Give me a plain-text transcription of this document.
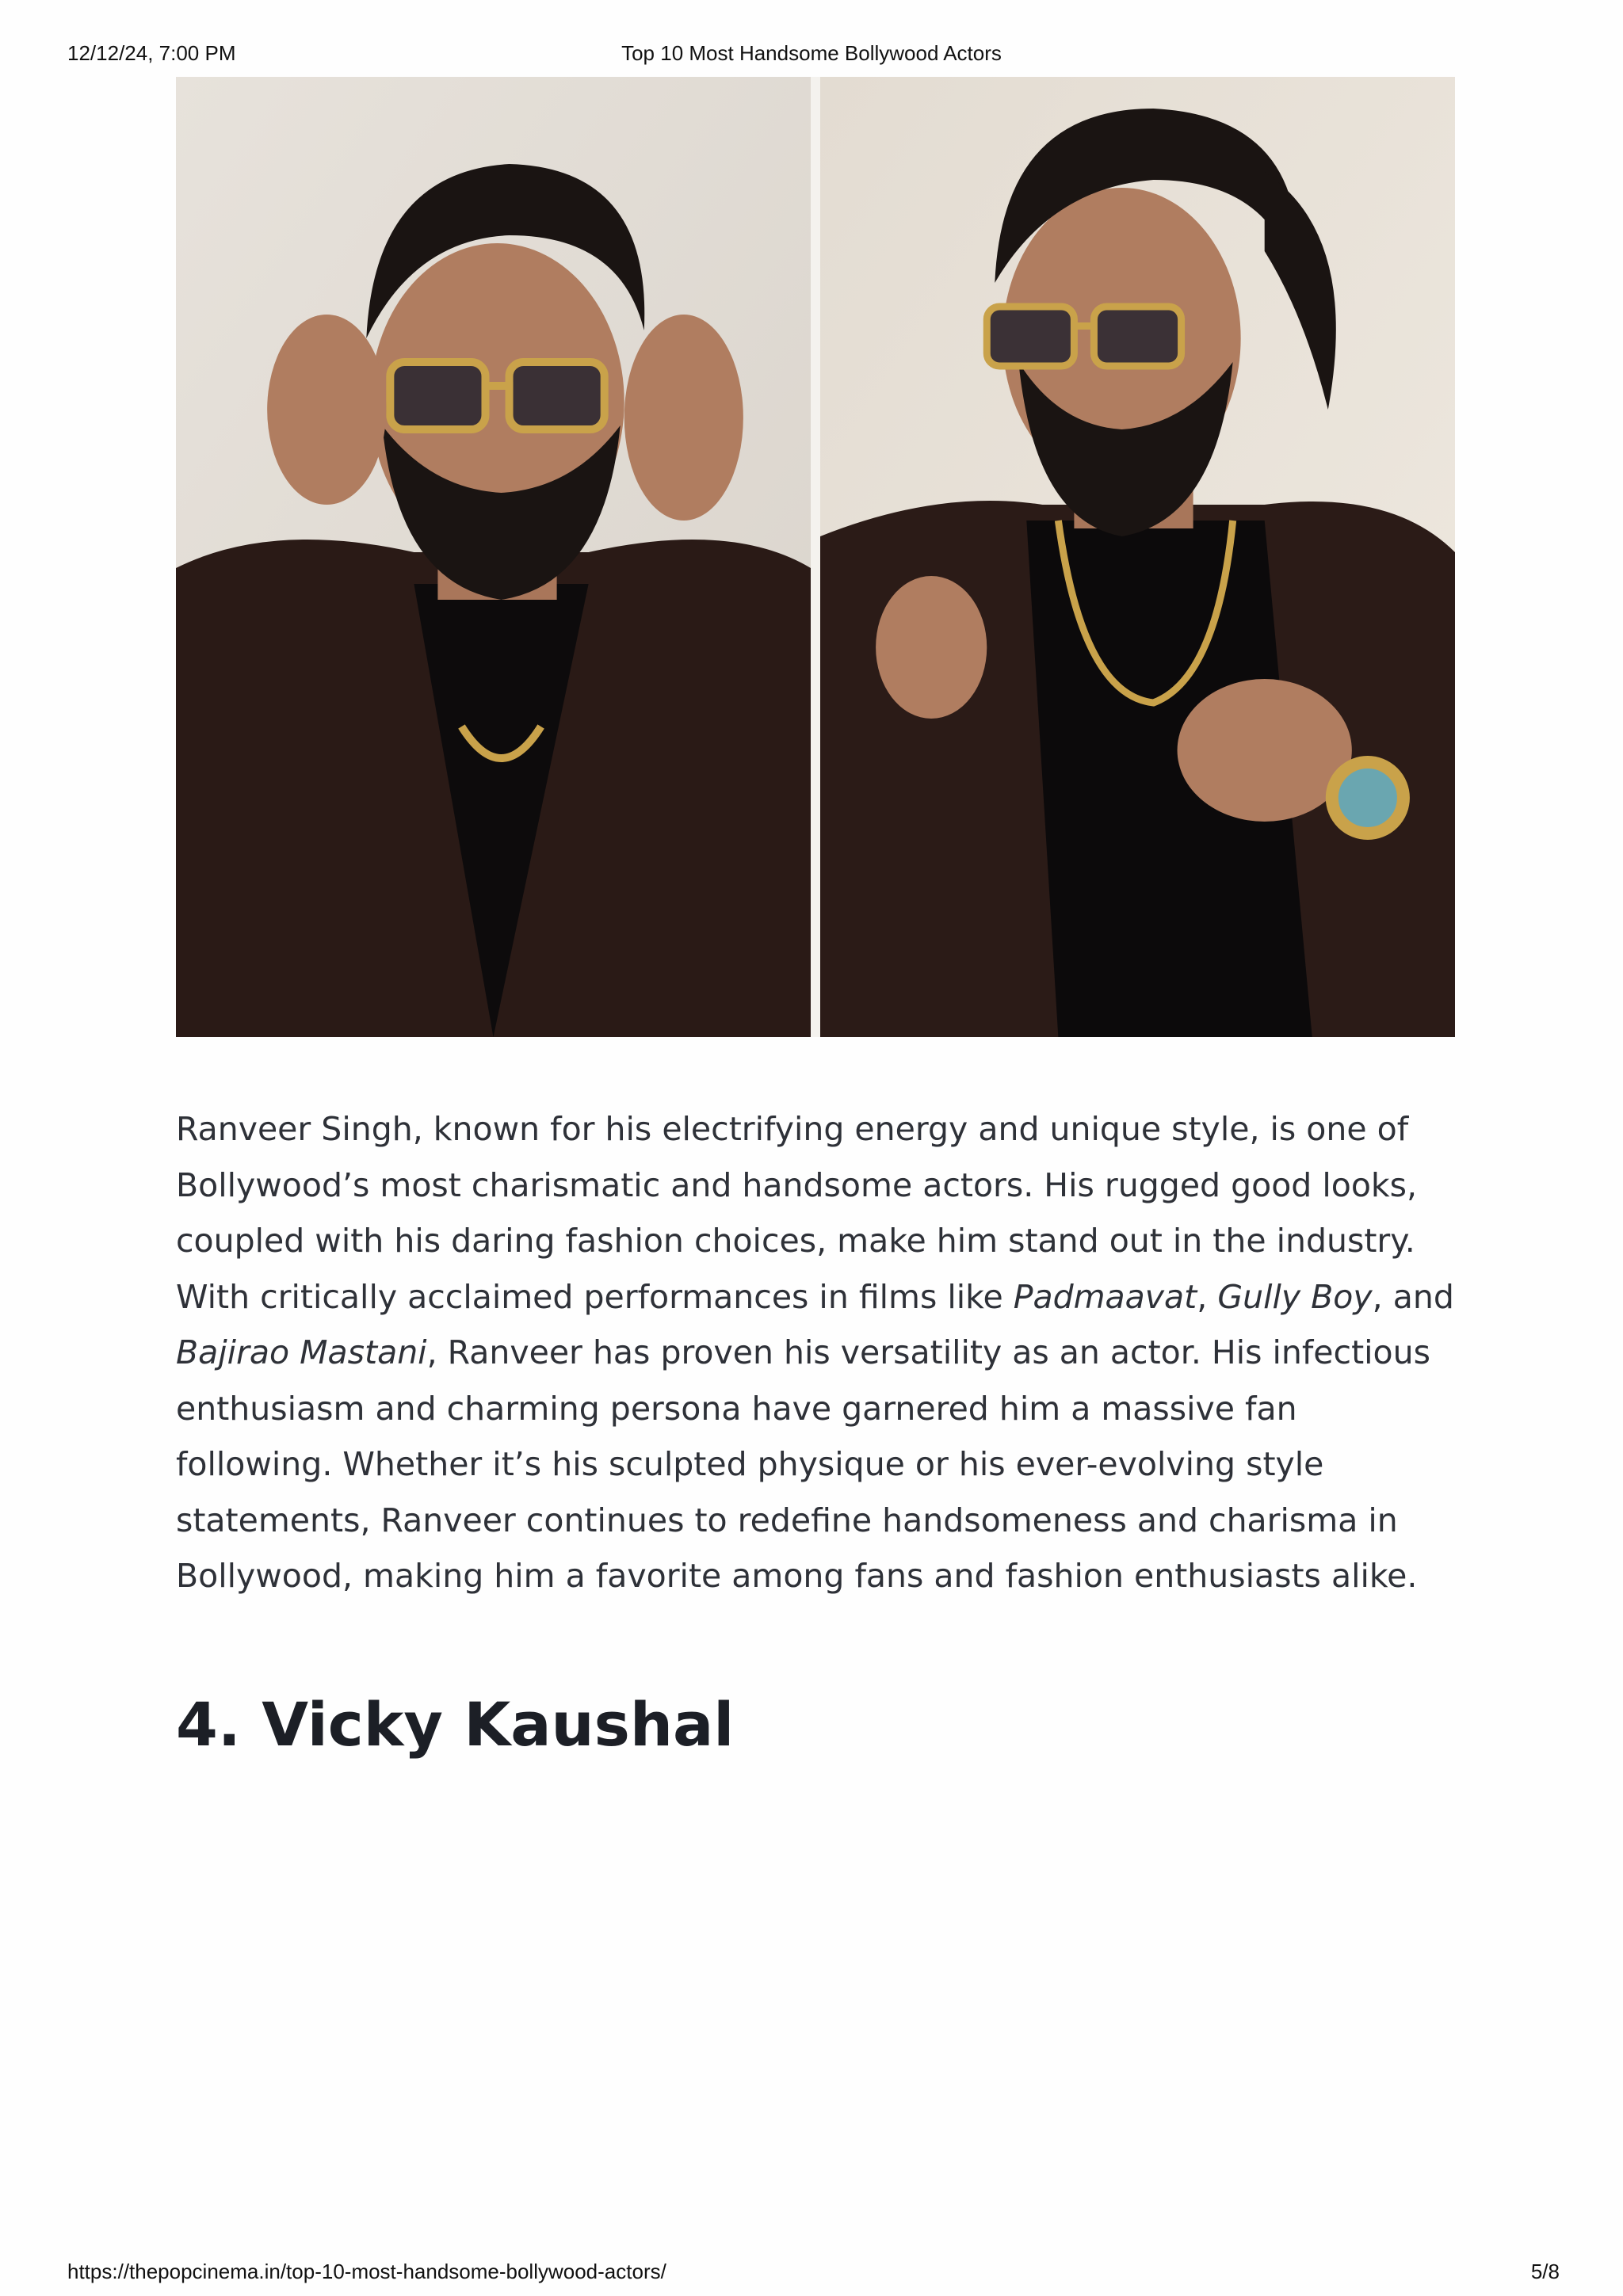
12/12/24, 7:00 PM	Top 10 Most Handsome Bollywood Actors
Ranveer Singh, known for his electrifying energy and unique style, is one of Bollywood’s most charismatic and handsome actors. His rugged good looks, coupled with his daring fashion choices, make him stand out in the industry. With critically acclaimed performances in films like Padmaavat, Gully Boy, and Bajirao Mastani, Ranveer has proven his versatility as an actor. His infectious enthusiasm and charming persona have garnered him a massive fan following. Whether it’s his sculpted physique or his ever-evolving style statements, Ranveer continues to redefine handsomeness and charisma in Bollywood, making him a favorite among fans and fashion enthusiasts alike.
4. Vicky Kaushal
https://thepopcinema.in/top-10-most-handsome-bollywood-actors/	5/8
